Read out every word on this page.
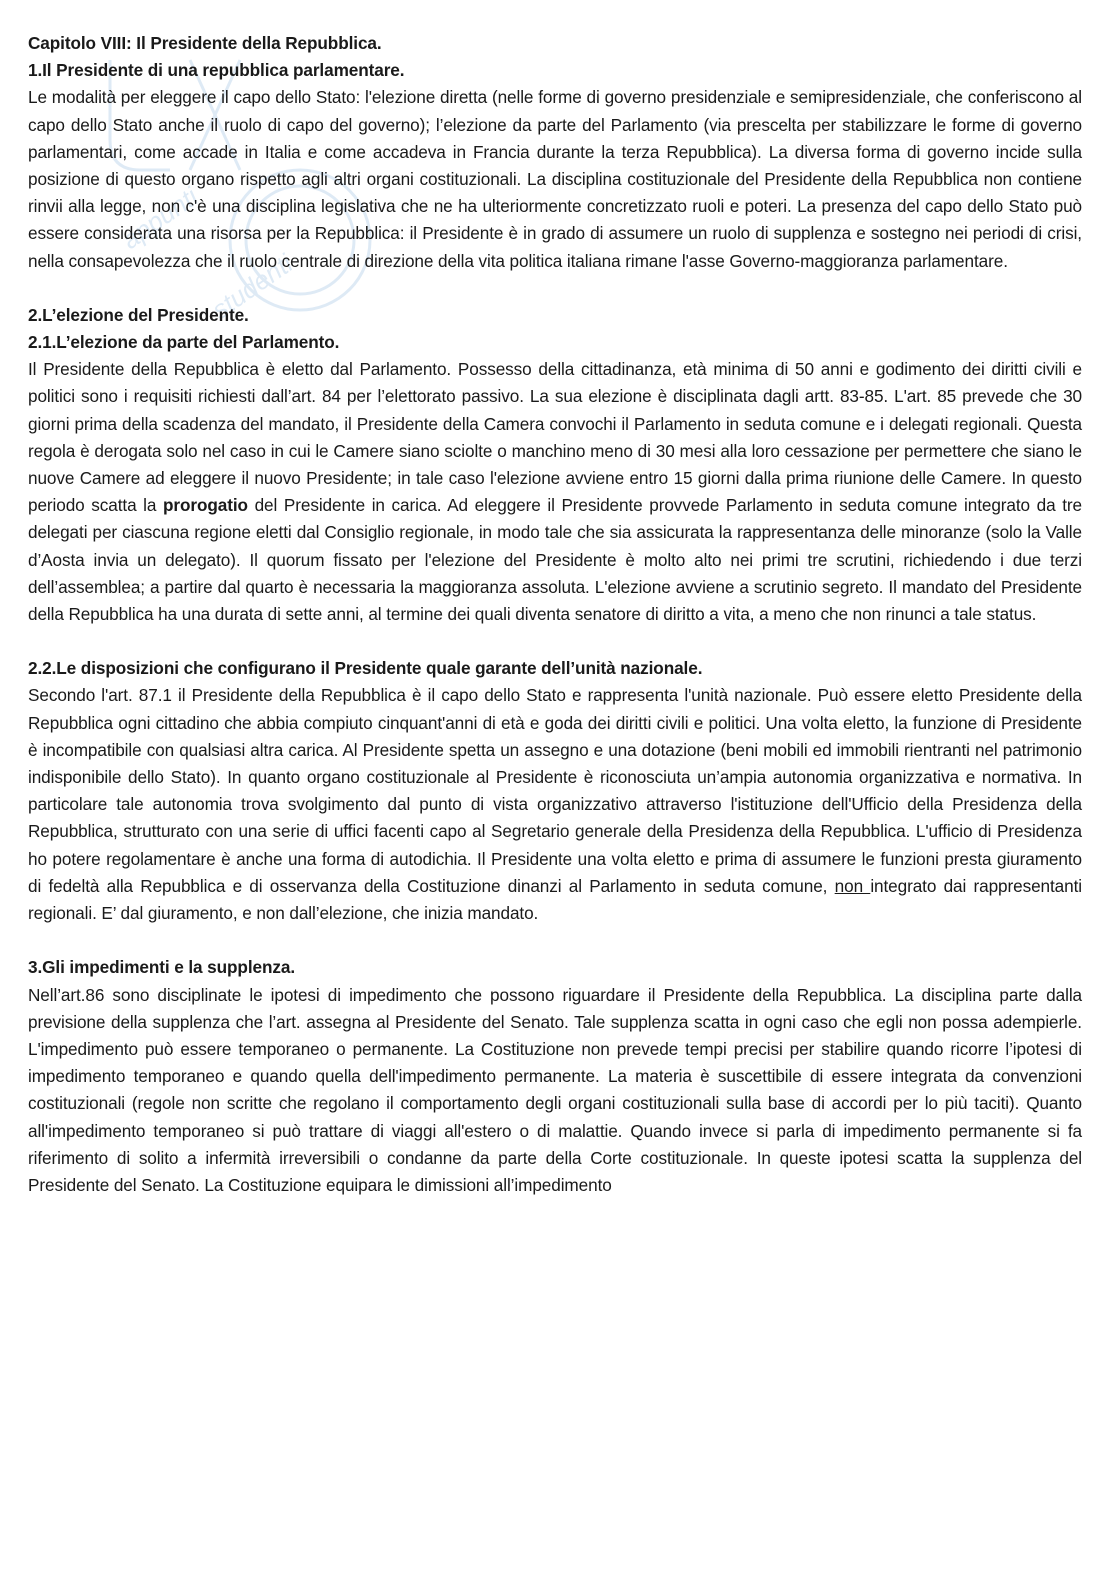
appunti
studenti

Capitolo VIII: Il Presidente della Repubblica.

1.Il Presidente di una repubblica parlamentare.

Le modalità per eleggere il capo dello Stato: l'elezione diretta (nelle forme di governo presidenziale e semipresidenziale, che conferiscono al capo dello Stato anche il ruolo di capo del governo); l’elezione da parte del Parlamento (via prescelta per stabilizzare le forme di governo parlamentari, come accade in Italia e come accadeva in Francia durante la terza Repubblica). La diversa forma di governo incide sulla posizione di questo organo rispetto agli altri organi costituzionali. La disciplina costituzionale del Presidente della Repubblica non contiene rinvii alla legge, non c'è una disciplina legislativa che ne ha ulteriormente concretizzato ruoli e poteri. La presenza del capo dello Stato può essere considerata una risorsa per la Repubblica: il Presidente è in grado di assumere un ruolo di supplenza e sostegno nei periodi di crisi, nella consapevolezza che il ruolo centrale di direzione della vita politica italiana rimane l'asse Governo-maggioranza parlamentare.

2.L’elezione del Presidente.

2.1.L’elezione da parte del Parlamento.

Il Presidente della Repubblica è eletto dal Parlamento. Possesso della cittadinanza, età minima di 50 anni e godimento dei diritti civili e politici sono i requisiti richiesti dall’art. 84 per l’elettorato passivo. La sua elezione è disciplinata dagli artt. 83-85. L'art. 85 prevede che 30 giorni prima della scadenza del mandato, il Presidente della Camera convochi il Parlamento in seduta comune e i delegati regionali. Questa regola è derogata solo nel caso in cui le Camere siano sciolte o manchino meno di 30 mesi alla loro cessazione per permettere che siano le nuove Camere ad eleggere il nuovo Presidente; in tale caso l'elezione avviene entro 15 giorni dalla prima riunione delle Camere. In questo periodo scatta la prorogatio del Presidente in carica. Ad eleggere il Presidente provvede Parlamento in seduta comune integrato da tre delegati per ciascuna regione eletti dal Consiglio regionale, in modo tale che sia assicurata la rappresentanza delle minoranze (solo la Valle d’Aosta invia un delegato). Il quorum fissato per l'elezione del Presidente è molto alto nei primi tre scrutini, richiedendo i due terzi dell’assemblea; a partire dal quarto è necessaria la maggioranza assoluta. L'elezione avviene a scrutinio segreto. Il mandato del Presidente della Repubblica ha una durata di sette anni, al termine dei quali diventa senatore di diritto a vita, a meno che non rinunci a tale status.

2.2.Le disposizioni che configurano il Presidente quale garante dell’unità nazionale.

Secondo l'art. 87.1 il Presidente della Repubblica è il capo dello Stato e rappresenta l'unità nazionale. Può essere eletto Presidente della Repubblica ogni cittadino che abbia compiuto cinquant'anni di età e goda dei diritti civili e politici. Una volta eletto, la funzione di Presidente è incompatibile con qualsiasi altra carica. Al Presidente spetta un assegno e una dotazione (beni mobili ed immobili rientranti nel patrimonio indisponibile dello Stato). In quanto organo costituzionale al Presidente è riconosciuta un’ampia autonomia organizzativa e normativa. In particolare tale autonomia trova svolgimento dal punto di vista organizzativo attraverso l'istituzione dell'Ufficio della Presidenza della Repubblica, strutturato con una serie di uffici facenti capo al Segretario generale della Presidenza della Repubblica. L'ufficio di Presidenza ho potere regolamentare è anche una forma di autodichia. Il Presidente una volta eletto e prima di assumere le funzioni presta giuramento di fedeltà alla Repubblica e di osservanza della Costituzione dinanzi al Parlamento in seduta comune, non integrato dai rappresentanti regionali. E’ dal giuramento, e non dall’elezione, che inizia mandato.

3.Gli impedimenti e la supplenza.

Nell’art.86 sono disciplinate le ipotesi di impedimento che possono riguardare il Presidente della Repubblica. La disciplina parte dalla previsione della supplenza che l’art. assegna al Presidente del Senato. Tale supplenza scatta in ogni caso che egli non possa adempierle. L'impedimento può essere temporaneo o permanente. La Costituzione non prevede tempi precisi per stabilire quando ricorre l’ipotesi di impedimento temporaneo e quando quella dell'impedimento permanente. La materia è suscettibile di essere integrata da convenzioni costituzionali (regole non scritte che regolano il comportamento degli organi costituzionali sulla base di accordi per lo più taciti). Quanto all'impedimento temporaneo si può trattare di viaggi all'estero o di malattie. Quando invece si parla di impedimento permanente si fa riferimento di solito a infermità irreversibili o condanne da parte della Corte costituzionale. In queste ipotesi scatta la supplenza del Presidente del Senato. La Costituzione equipara le dimissioni all’impedimento
